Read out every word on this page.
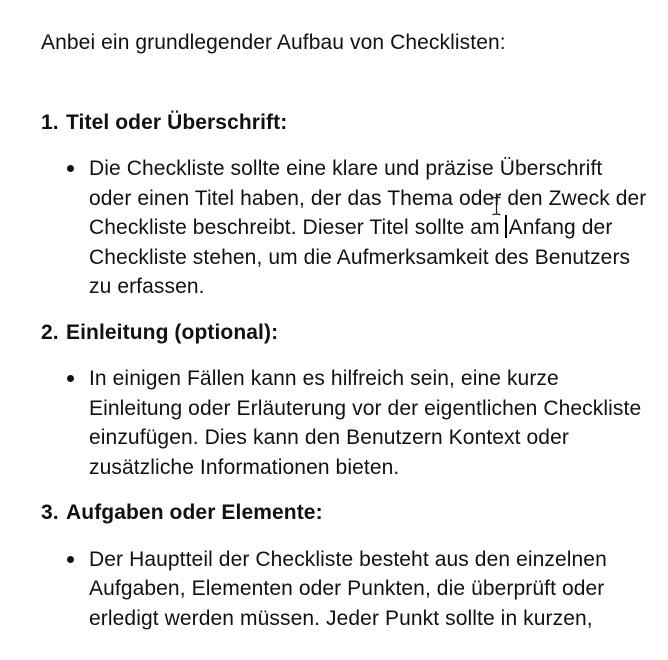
Anbei ein grundlegender Aufbau von Checklisten:

1. Titel oder Überschrift:
Die Checkliste sollte eine klare und präzise Überschrift
oder einen Titel haben, der das Thema oder den Zweck der
Checkliste beschreibt. Dieser Titel sollte am Anfang der
Checkliste stehen, um die Aufmerksamkeit des Benutzers
zu erfassen.
2. Einleitung (optional):
In einigen Fällen kann es hilfreich sein, eine kurze
Einleitung oder Erläuterung vor der eigentlichen Checkliste
einzufügen. Dies kann den Benutzern Kontext oder
zusätzliche Informationen bieten.
3. Aufgaben oder Elemente:
Der Hauptteil der Checkliste besteht aus den einzelnen
Aufgaben, Elementen oder Punkten, die überprüft oder
erledigt werden müssen. Jeder Punkt sollte in kurzen,
